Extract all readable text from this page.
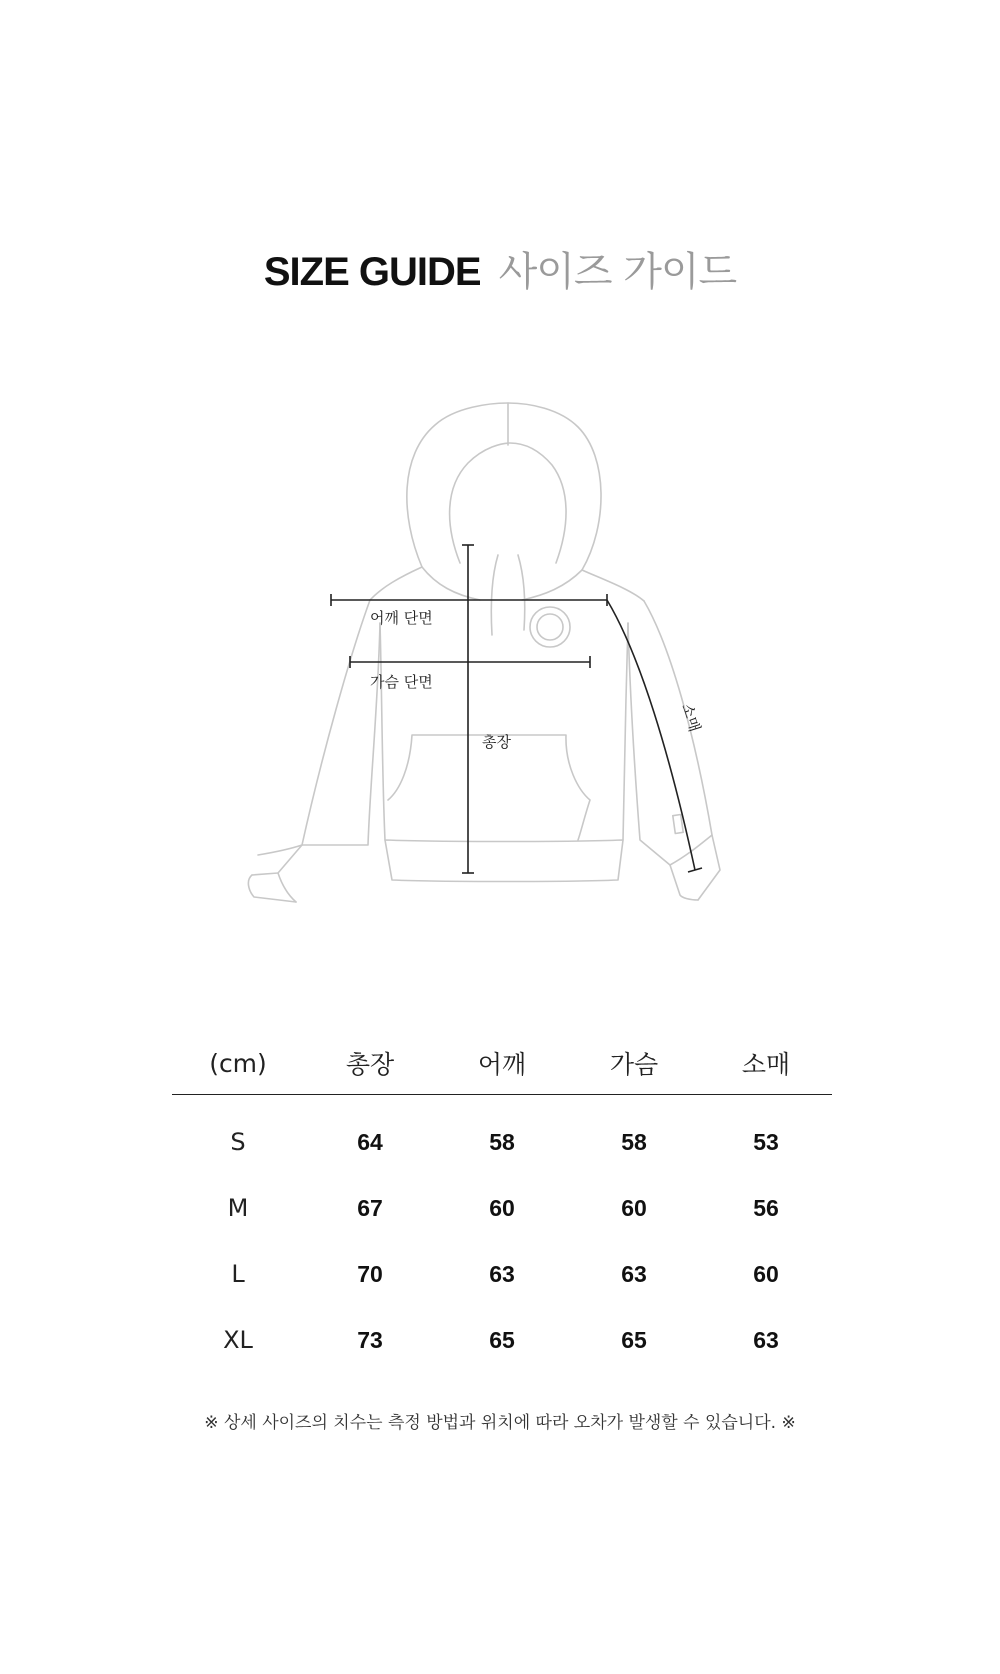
SIZE GUIDE 사이즈 가이드
어깨 단면
가슴 단면
총장
소매
(cm)	총장	어깨	가슴	소매
S	64	58	58	53
M	67	60	60	56
L	70	63	63	60
XL	73	65	65	63
※ 상세 사이즈의 치수는 측정 방법과 위치에 따라 오차가 발생할 수 있습니다. ※
